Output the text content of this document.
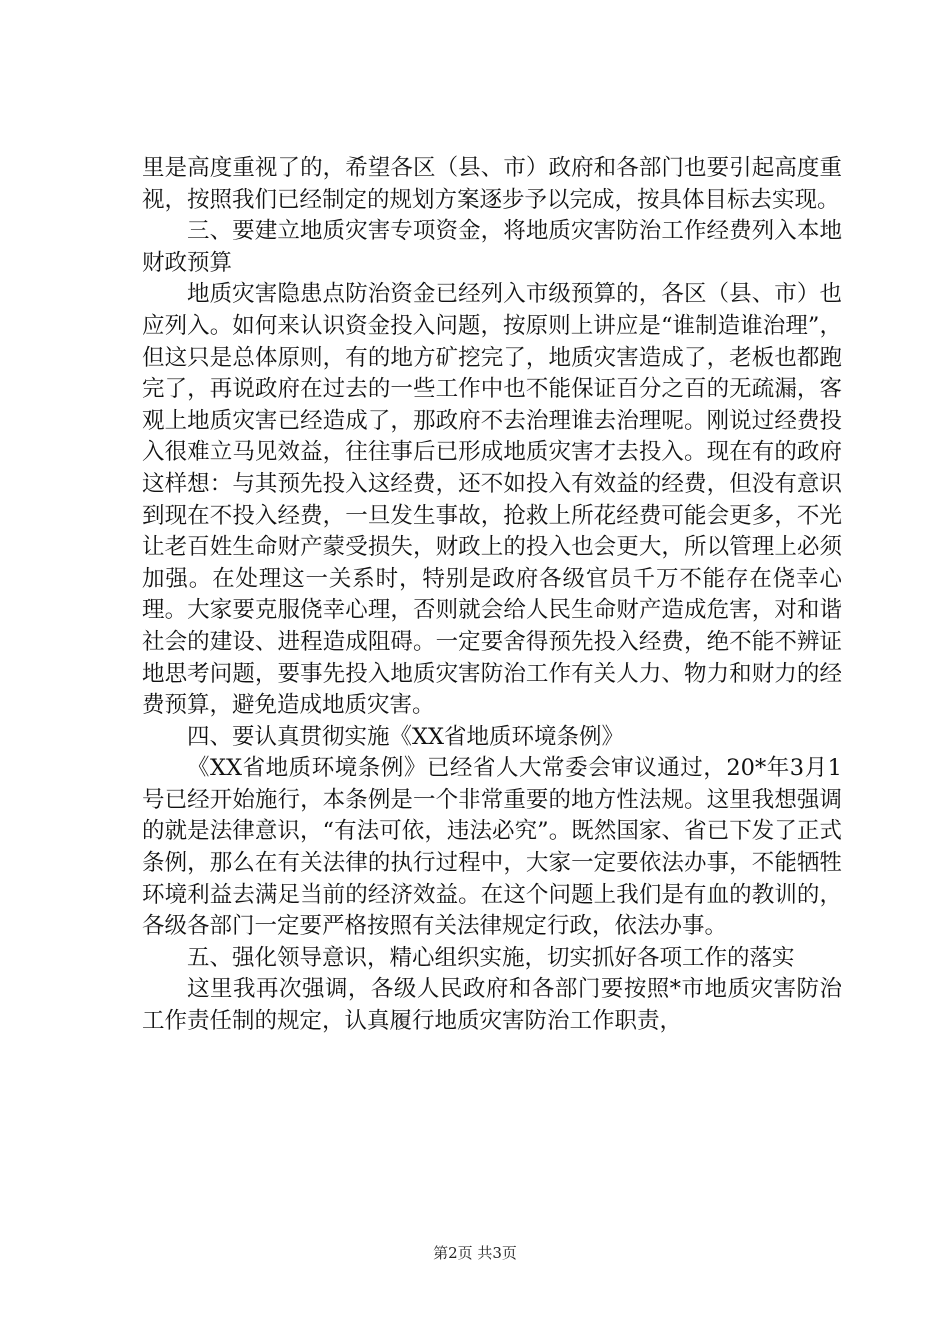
里是高度重视了的，希望各区（县、市）政府和各部门也要引起高度重视，按照我们已经制定的规划方案逐步予以完成，按具体目标去实现。

三、要建立地质灾害专项资金，将地质灾害防治工作经费列入本地财政预算

地质灾害隐患点防治资金已经列入市级预算的，各区（县、市）也应列入。如何来认识资金投入问题，按原则上讲应是“谁制造谁治理”，但这只是总体原则，有的地方矿挖完了，地质灾害造成了，老板也都跑完了，再说政府在过去的一些工作中也不能保证百分之百的无疏漏，客观上地质灾害已经造成了，那政府不去治理谁去治理呢。刚说过经费投入很难立马见效益，往往事后已形成地质灾害才去投入。现在有的政府这样想：与其预先投入这经费，还不如投入有效益的经费，但没有意识到现在不投入经费，一旦发生事故，抢救上所花经费可能会更多，不光让老百姓生命财产蒙受损失，财政上的投入也会更大，所以管理上必须加强。在处理这一关系时，特别是政府各级官员千万不能存在侥幸心理。大家要克服侥幸心理，否则就会给人民生命财产造成危害，对和谐社会的建设、进程造成阻碍。一定要舍得预先投入经费，绝不能不辨证地思考问题，要事先投入地质灾害防治工作有关人力、物力和财力的经费预算，避免造成地质灾害。

四、要认真贯彻实施《XX省地质环境条例》

《XX省地质环境条例》已经省人大常委会审议通过，20*年3月1号已经开始施行，本条例是一个非常重要的地方性法规。这里我想强调的就是法律意识，“有法可依，违法必究”。既然国家、省已下发了正式条例，那么在有关法律的执行过程中，大家一定要依法办事，不能牺牲环境利益去满足当前的经济效益。在这个问题上我们是有血的教训的，各级各部门一定要严格按照有关法律规定行政，依法办事。

五、强化领导意识，精心组织实施，切实抓好各项工作的落实

这里我再次强调，各级人民政府和各部门要按照*市地质灾害防治工作责任制的规定，认真履行地质灾害防治工作职责，

第2页 共3页
